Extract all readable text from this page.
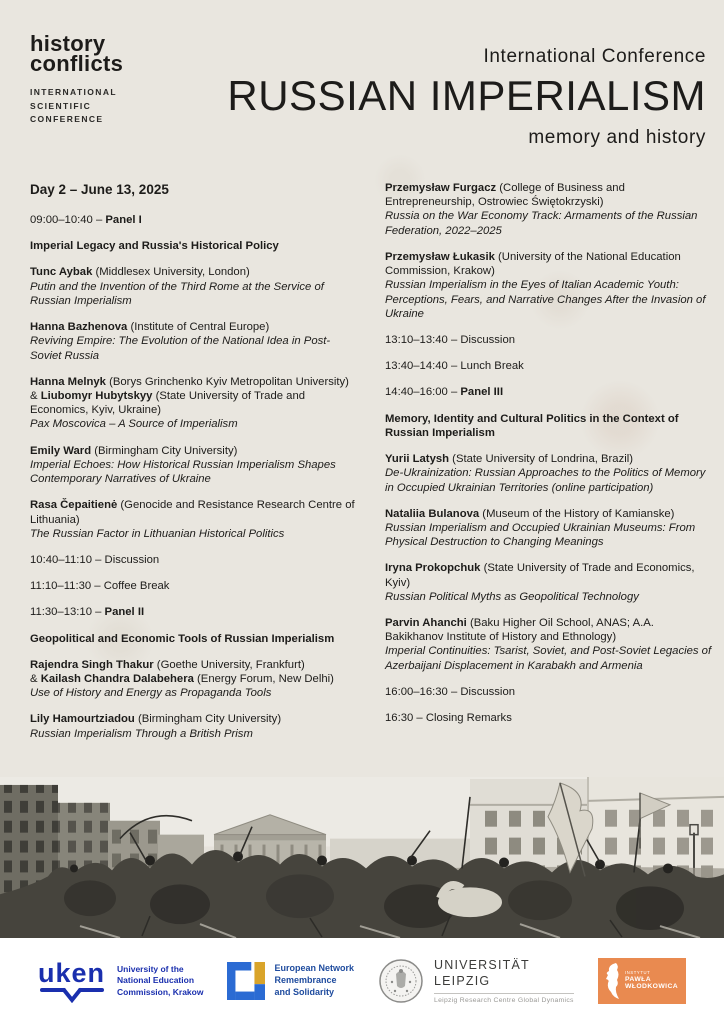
history
conflicts
INTERNATIONAL
SCIENTIFIC
CONFERENCE
International Conference
RUSSIAN IMPERIALISM
memory and history
Day 2 – June 13, 2025
09:00–10:40 – Panel I
Imperial Legacy and Russia's Historical Policy
Tunc Aybak (Middlesex University, London)
Putin and the Invention of the Third Rome at the Service of Russian Imperialism
Hanna Bazhenova (Institute of Central Europe)
Reviving Empire: The Evolution of the National Idea in Post-Soviet Russia
Hanna Melnyk (Borys Grinchenko Kyiv Metropolitan University)
& Liubomyr Hubytskyy (State University of Trade and Economics, Kyiv, Ukraine)
Pax Moscovica – A Source of Imperialism
Emily Ward (Birmingham City University)
Imperial Echoes: How Historical Russian Imperialism Shapes Contemporary Narratives of Ukraine
Rasa Čepaitienė (Genocide and Resistance Research Centre of Lithuania)
The Russian Factor in Lithuanian Historical Politics
10:40–11:10 – Discussion
11:10–11:30 – Coffee Break
11:30–13:10 – Panel II
Geopolitical and Economic Tools of Russian Imperialism
Rajendra Singh Thakur (Goethe University, Frankfurt)
& Kailash Chandra Dalabehera (Energy Forum, New Delhi)
Use of History and Energy as Propaganda Tools
Lily Hamourtziadou (Birmingham City University)
Russian Imperialism Through a British Prism
Przemysław Furgacz (College of Business and Entrepreneurship, Ostrowiec Świętokrzyski)
Russia on the War Economy Track: Armaments of the Russian Federation, 2022–2025
Przemysław Łukasik (University of the National Education Commission, Krakow)
Russian Imperialism in the Eyes of Italian Academic Youth: Perceptions, Fears, and Narrative Changes After the Invasion of Ukraine
13:10–13:40 – Discussion
13:40–14:40 – Lunch Break
14:40–16:00 – Panel III
Memory, Identity and Cultural Politics in the Context of Russian Imperialism
Yurii Latysh (State University of Londrina, Brazil)
De-Ukrainization: Russian Approaches to the Politics of Memory in Occupied Ukrainian Territories (online participation)
Nataliia Bulanova (Museum of the History of Kamianske)
Russian Imperialism and Occupied Ukrainian Museums: From Physical Destruction to Changing Meanings
Iryna Prokopchuk (State University of Trade and Economics, Kyiv)
Russian Political Myths as Geopolitical Technology
Parvin Ahanchi (Baku Higher Oil School, ANAS; A.A. Bakikhanov Institute of History and Ethnology)
Imperial Continuities: Tsarist, Soviet, and Post-Soviet Legacies of Azerbaijani Displacement in Karabakh and Armenia
16:00–16:30 – Discussion
16:30 – Closing Remarks
uken University of the
National Education
Commission, Krakow
European Network
Remembrance
and Solidarity
UNIVERSITÄT
LEIPZIG
Leipzig Research Centre Global Dynamics
INSTYTUT
PAWŁA
WŁODKOWICA
